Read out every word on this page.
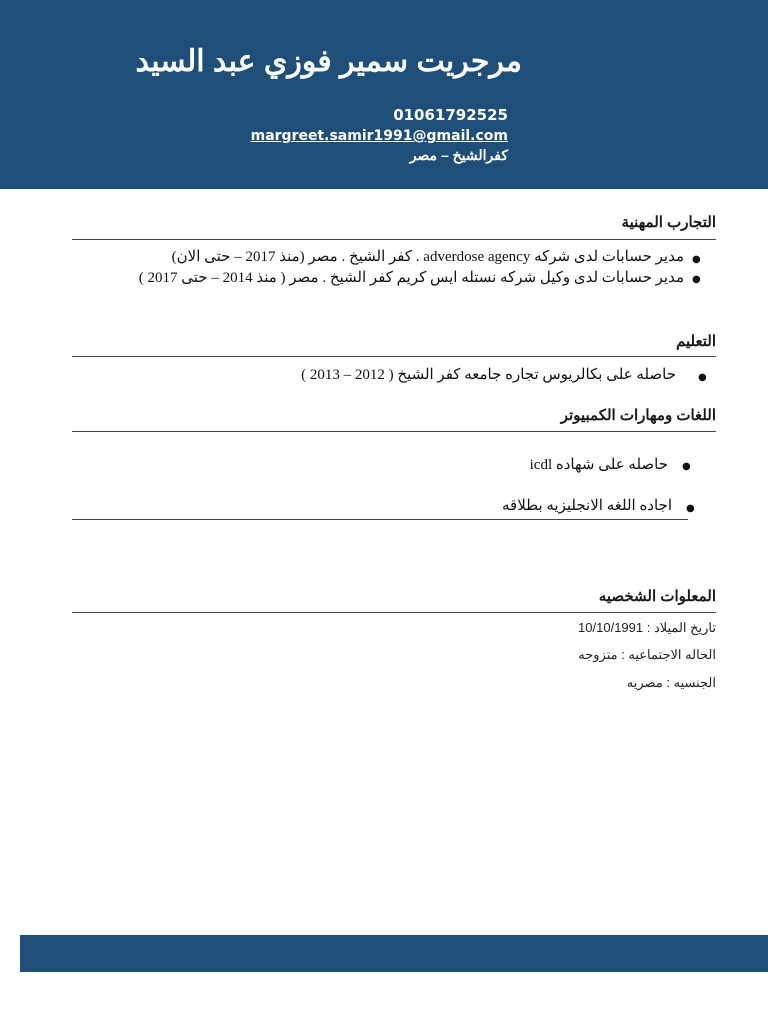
مرجريت سمير فوزي عبد السيد
01061792525
margreet.samir1991@gmail.com
كفرالشيخ – مصر
التجارب المهنية
●
مدير حسابات لدى شركه adverdose agency . كفر الشيخ . مصر (منذ 2017 – حتى الان)
●
مدير حسابات لدى وكيل شركه نستله ايس كريم كفر الشيخ . مصر ( منذ 2014 – حتى 2017 )
التعليم
●
حاصله على بكالريوس تجاره جامعه كفر الشيخ ( 2012 – 2013 )
اللغات ومهارات الكمبيوتر
●
حاصله على شهاده icdl
●
اجاده اللغه الانجليزيه بطلاقه
المعلوات الشخصيه
تاريخ الميلاد : 10/10/1991
الحاله الاجتماعيه : متزوجه
الجنسيه : مصريه
